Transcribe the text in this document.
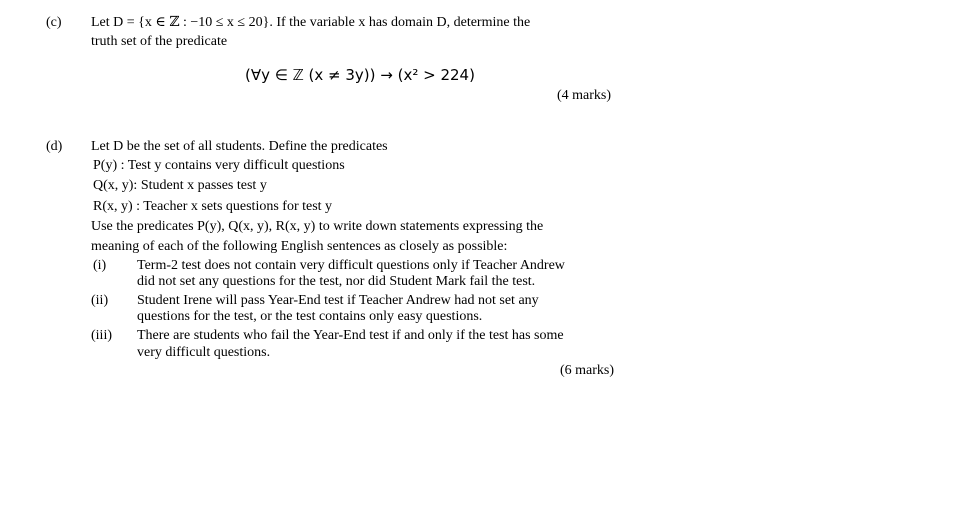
(c) Let D = {x ∈ ℤ : −10 ≤ x ≤ 20}. If the variable x has domain D, determine the
truth set of the predicate
(∀y ∈ ℤ (x ≠ 3y)) → (x² > 224)
(4 marks)
(d) Let D be the set of all students. Define the predicates
P(y) : Test y contains very difficult questions
Q(x, y): Student x passes test y
R(x, y) : Teacher x sets questions for test y
Use the predicates P(y), Q(x, y), R(x, y) to write down statements expressing the
meaning of each of the following English sentences as closely as possible:
(i) Term-2 test does not contain very difficult questions only if Teacher Andrew
did not set any questions for the test, nor did Student Mark fail the test.
(ii) Student Irene will pass Year-End test if Teacher Andrew had not set any
questions for the test, or the test contains only easy questions.
(iii) There are students who fail the Year-End test if and only if the test has some
very difficult questions.
(6 marks)
